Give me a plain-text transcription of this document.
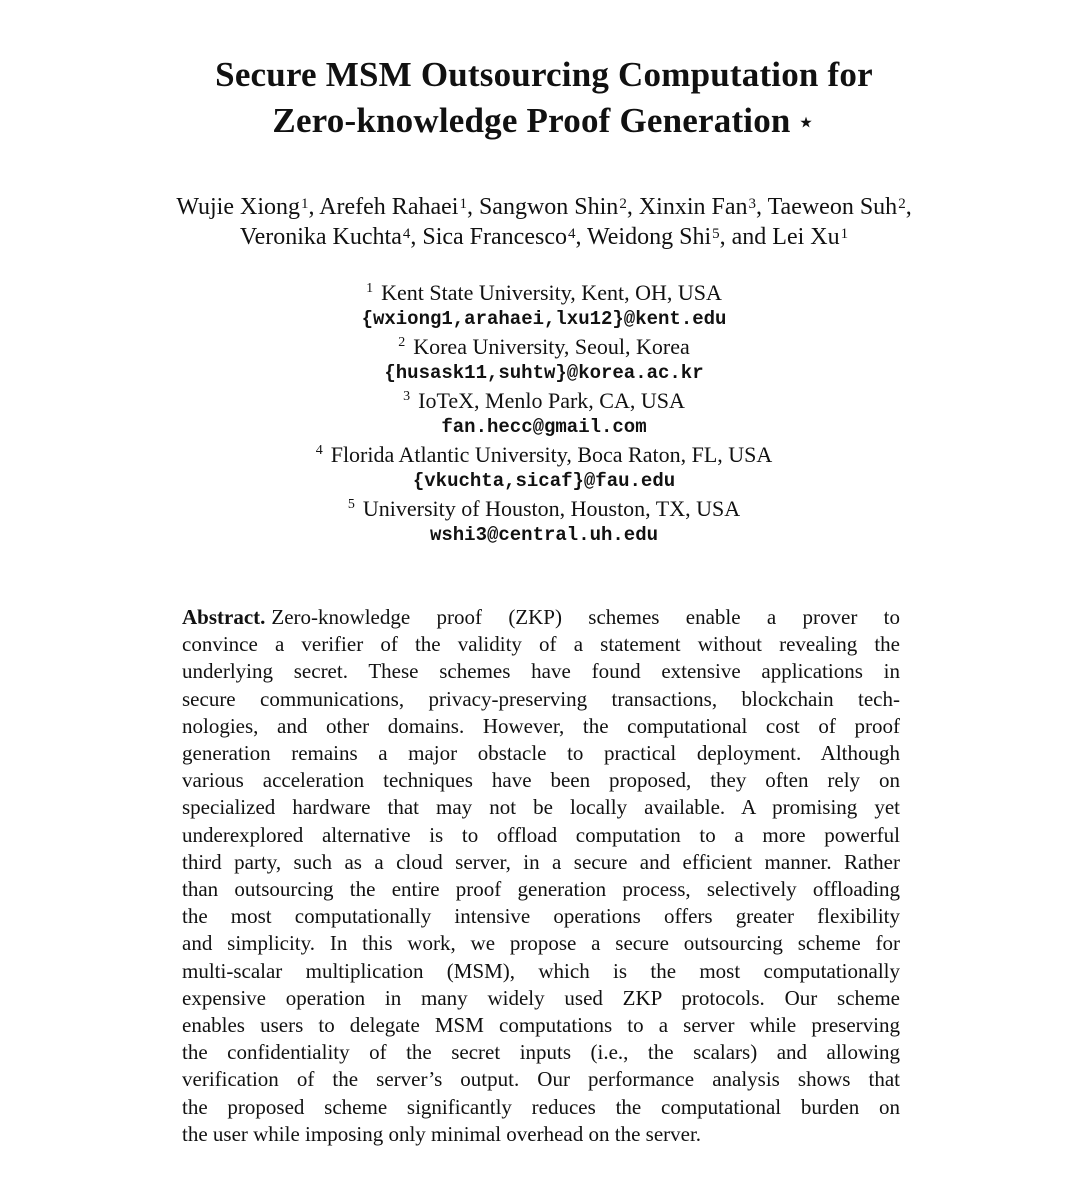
Secure MSM Outsourcing Computation for
Zero-knowledge Proof Generation ⋆
Wujie Xiong$^1$, Arefeh Rahaei$^1$, Sangwon Shin$^2$, Xinxin Fan$^3$, Taeweon Suh$^2$,
Veronika Kuchta$^4$, Sica Francesco$^4$, Weidong Shi$^5$, and Lei Xu$^1$
$^1$ Kent State University, Kent, OH, USA
{wxiong1,arahaei,lxu12}@kent.edu
$^2$ Korea University, Seoul, Korea
{husask11,suhtw}@korea.ac.kr
$^3$ IoTeX, Menlo Park, CA, USA
fan.hecc@gmail.com
$^4$ Florida Atlantic University, Boca Raton, FL, USA
{vkuchta,sicaf}@fau.edu
$^5$ University of Houston, Houston, TX, USA
wshi3@central.uh.edu
Abstract. Zero-knowledge proof (ZKP) schemes enable a prover to
convince a verifier of the validity of a statement without revealing the
underlying secret. These schemes have found extensive applications in
secure communications, privacy-preserving transactions, blockchain tech-
nologies, and other domains. However, the computational cost of proof
generation remains a major obstacle to practical deployment. Although
various acceleration techniques have been proposed, they often rely on
specialized hardware that may not be locally available. A promising yet
underexplored alternative is to offload computation to a more powerful
third party, such as a cloud server, in a secure and efficient manner. Rather
than outsourcing the entire proof generation process, selectively offloading
the most computationally intensive operations offers greater flexibility
and simplicity. In this work, we propose a secure outsourcing scheme for
multi-scalar multiplication (MSM), which is the most computationally
expensive operation in many widely used ZKP protocols. Our scheme
enables users to delegate MSM computations to a server while preserving
the confidentiality of the secret inputs (i.e., the scalars) and allowing
verification of the server’s output. Our performance analysis shows that
the proposed scheme significantly reduces the computational burden on
the user while imposing only minimal overhead on the server.
